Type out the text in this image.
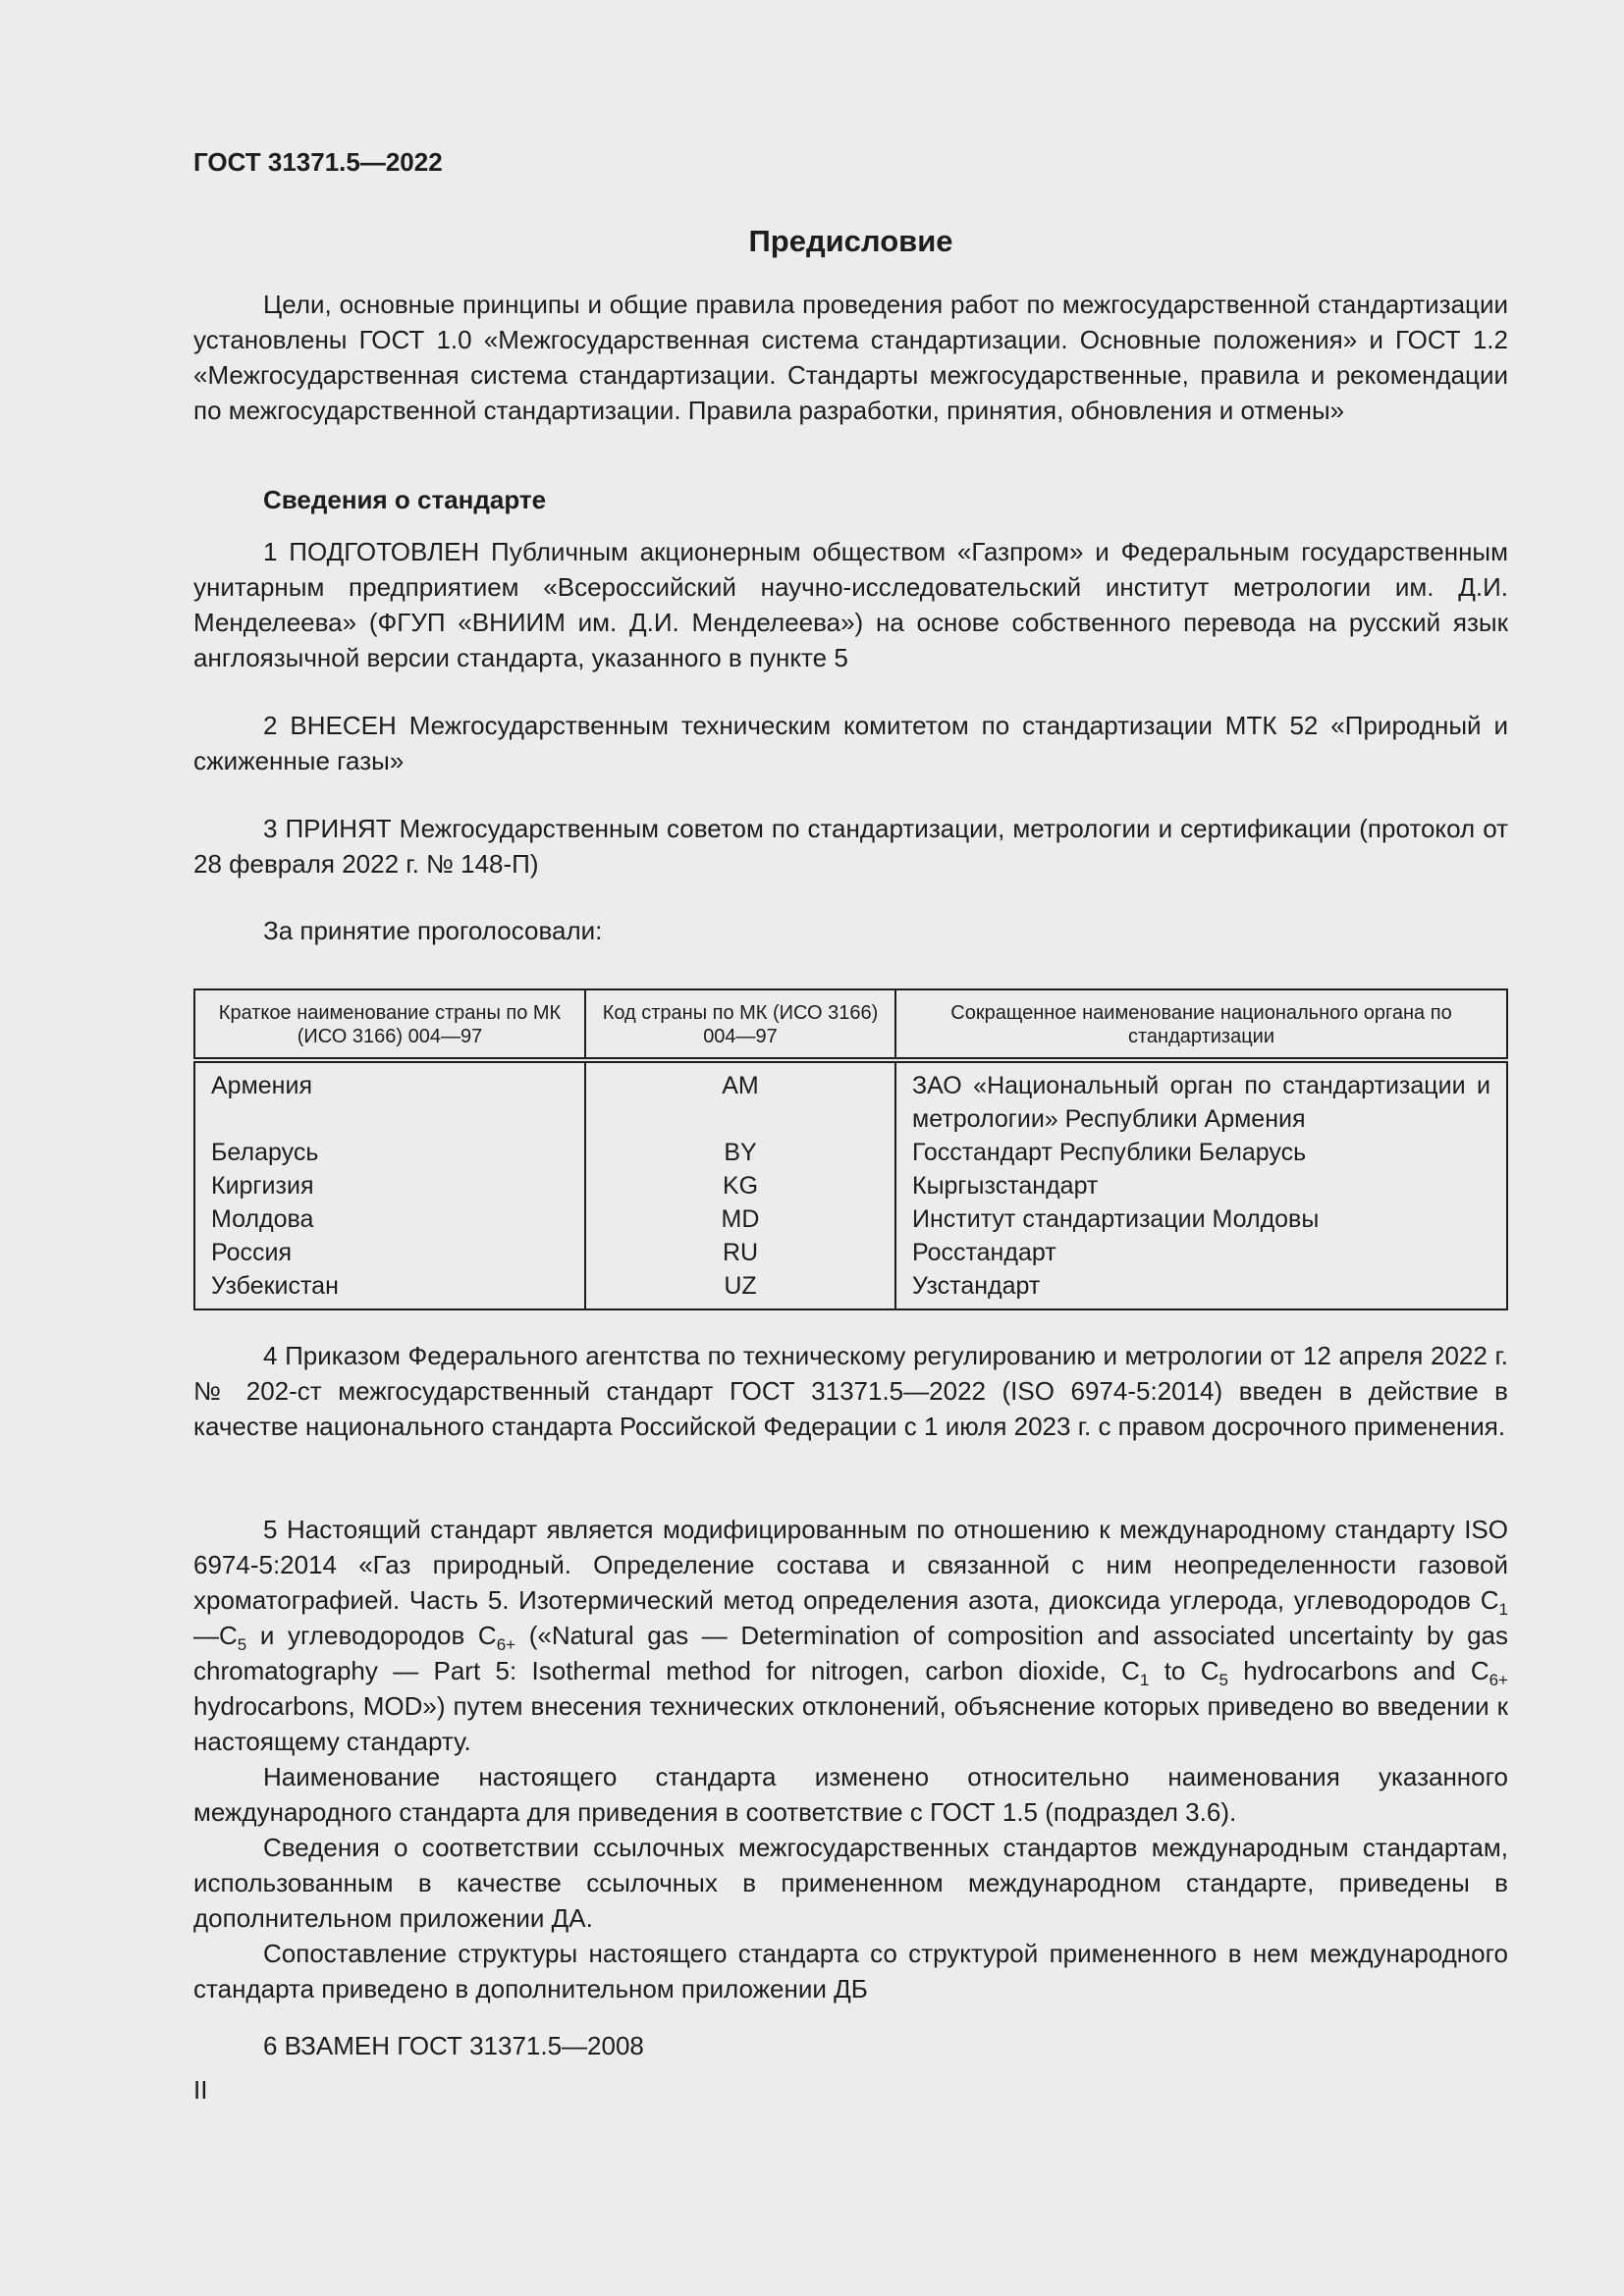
ГОСТ 31371.5—2022
Предисловие
Цели, основные принципы и общие правила проведения работ по межгосударственной стандартизации установлены ГОСТ 1.0 «Межгосударственная система стандартизации. Основные положения» и ГОСТ 1.2 «Межгосударственная система стандартизации. Стандарты межгосударственные, правила и рекомендации по межгосударственной стандартизации. Правила разработки, принятия, обновления и отмены»
Сведения о стандарте
1 ПОДГОТОВЛЕН Публичным акционерным обществом «Газпром» и Федеральным государственным унитарным предприятием «Всероссийский научно-исследовательский институт метрологии им. Д.И. Менделеева» (ФГУП «ВНИИМ им. Д.И. Менделеева») на основе собственного перевода на русский язык англоязычной версии стандарта, указанного в пункте 5
2 ВНЕСЕН Межгосударственным техническим комитетом по стандартизации МТК 52 «Природный и сжиженные газы»
3 ПРИНЯТ Межгосударственным советом по стандартизации, метрологии и сертификации (протокол от 28 февраля 2022 г. № 148-П)
За принятие проголосовали:
Краткое наименование страны по МК (ИСО 3166) 004—97	Код страны по МК (ИСО 3166) 004—97	Сокращенное наименование национального органа по стандартизации
Армения	AM	ЗАО «Национальный орган по стандартизации и метрологии» Республики Армения
Беларусь	BY	Госстандарт Республики Беларусь
Киргизия	KG	Кыргызстандарт
Молдова	MD	Институт стандартизации Молдовы
Россия	RU	Росстандарт
Узбекистан	UZ	Узстандарт
4 Приказом Федерального агентства по техническому регулированию и метрологии от 12 апреля 2022 г. № 202-ст межгосударственный стандарт ГОСТ 31371.5—2022 (ISO 6974-5:2014) введен в действие в качестве национального стандарта Российской Федерации с 1 июля 2023 г. с правом досрочного применения.
5 Настоящий стандарт является модифицированным по отношению к международному стандарту ISO 6974-5:2014 «Газ природный. Определение состава и связанной с ним неопределенности газовой хроматографией. Часть 5. Изотермический метод определения азота, диоксида углерода, углеводородов $C_1—C_5$ и углеводородов $C_{6+}$ («Natural gas — Determination of composition and associated uncertainty by gas chromatography — Part 5: Isothermal method for nitrogen, carbon dioxide, $C_1$ to $C_5$ hydrocarbons and $C_{6+}$ hydrocarbons, MOD») путем внесения технических отклонений, объяснение которых приведено во введении к настоящему стандарту.
Наименование настоящего стандарта изменено относительно наименования указанного международного стандарта для приведения в соответствие с ГОСТ 1.5 (подраздел 3.6).
Сведения о соответствии ссылочных межгосударственных стандартов международным стандартам, использованным в качестве ссылочных в примененном международном стандарте, приведены в дополнительном приложении ДА.
Сопоставление структуры настоящего стандарта со структурой примененного в нем международного стандарта приведено в дополнительном приложении ДБ
6 ВЗАМЕН ГОСТ 31371.5—2008
II
